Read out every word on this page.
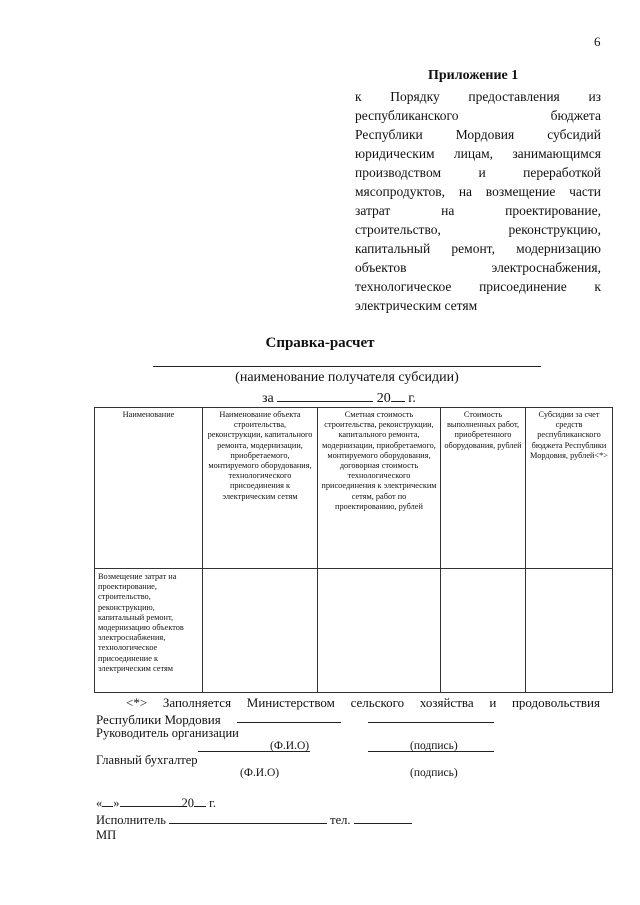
6
Приложение 1
к Порядку предоставления из
республиканского бюджета
Республики Мордовия субсидий
юридическим лицам, занимающимся
производством и переработкой
мясопродуктов, на возмещение части
затрат на проектирование,
строительство, реконструкцию,
капитальный ремонт, модернизацию
объектов электроснабжения,
технологическое присоединение к
электрическим сетям
Справка-расчет
(наименование получателя субсидии)
за	20 г.
Наименование	Наименование объекта строительства, реконструкции, капитального ремонта, модернизации, приобретаемого, монтируемого оборудования, технологического присоединения к электрическим сетям	Сметная стоимость строительства, реконструкции, капитального ремонта, модернизации, приобретаемого, монтируемого оборудования, договорная стоимость технологического присоединения к электрическим сетям, работ по проектированию, рублей	Стоимость выполненных работ, приобретенного оборудования, рублей	Субсидии за счет средств республиканского бюджета Республики Мордовия, рублей<*>
Возмещение затрат на проектирование, строительство, реконструкцию, капитальный ремонт, модернизацию объектов электроснабжения, технологическое присоединение к электрическим сетям				
<*> Заполняется Министерством сельского хозяйства и продовольствия
Республики Мордовия
Руководитель организации
(Ф.И.О)	(подпись)
Главный бухгалтер
(Ф.И.О)	(подпись)
« »	20 г.
Исполнитель	тел.
МП
